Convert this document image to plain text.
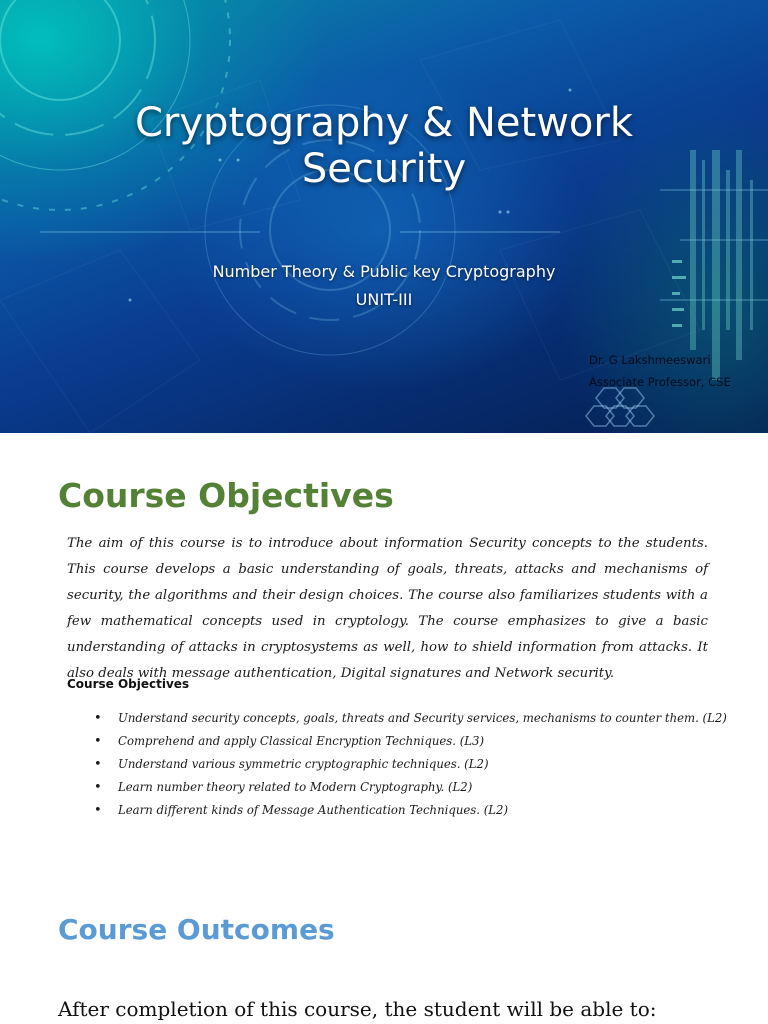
Cryptography & Network
Security
Number Theory & Public key Cryptography
UNIT-III
Dr. G Lakshmeeswari
Associate Professor, CSE
Course Objectives

The aim of this course is to introduce about information Security concepts to the students. This course develops a basic understanding of goals, threats, attacks and mechanisms of security, the algorithms and their design choices. The course also familiarizes students with a few mathematical concepts used in cryptology. The course emphasizes to give a basic understanding of attacks in cryptosystems as well, how to shield information from attacks. It also deals with message authentication, Digital signatures and Network security.

Course Objectives
• Understand security concepts, goals, threats and Security services, mechanisms to counter them. (L2)
• Comprehend and apply Classical Encryption Techniques. (L3)
• Understand various symmetric cryptographic techniques. (L2)
• Learn number theory related to Modern Cryptography. (L2)
• Learn different kinds of Message Authentication Techniques. (L2)
Course Outcomes
After completion of this course, the student will be able to:
